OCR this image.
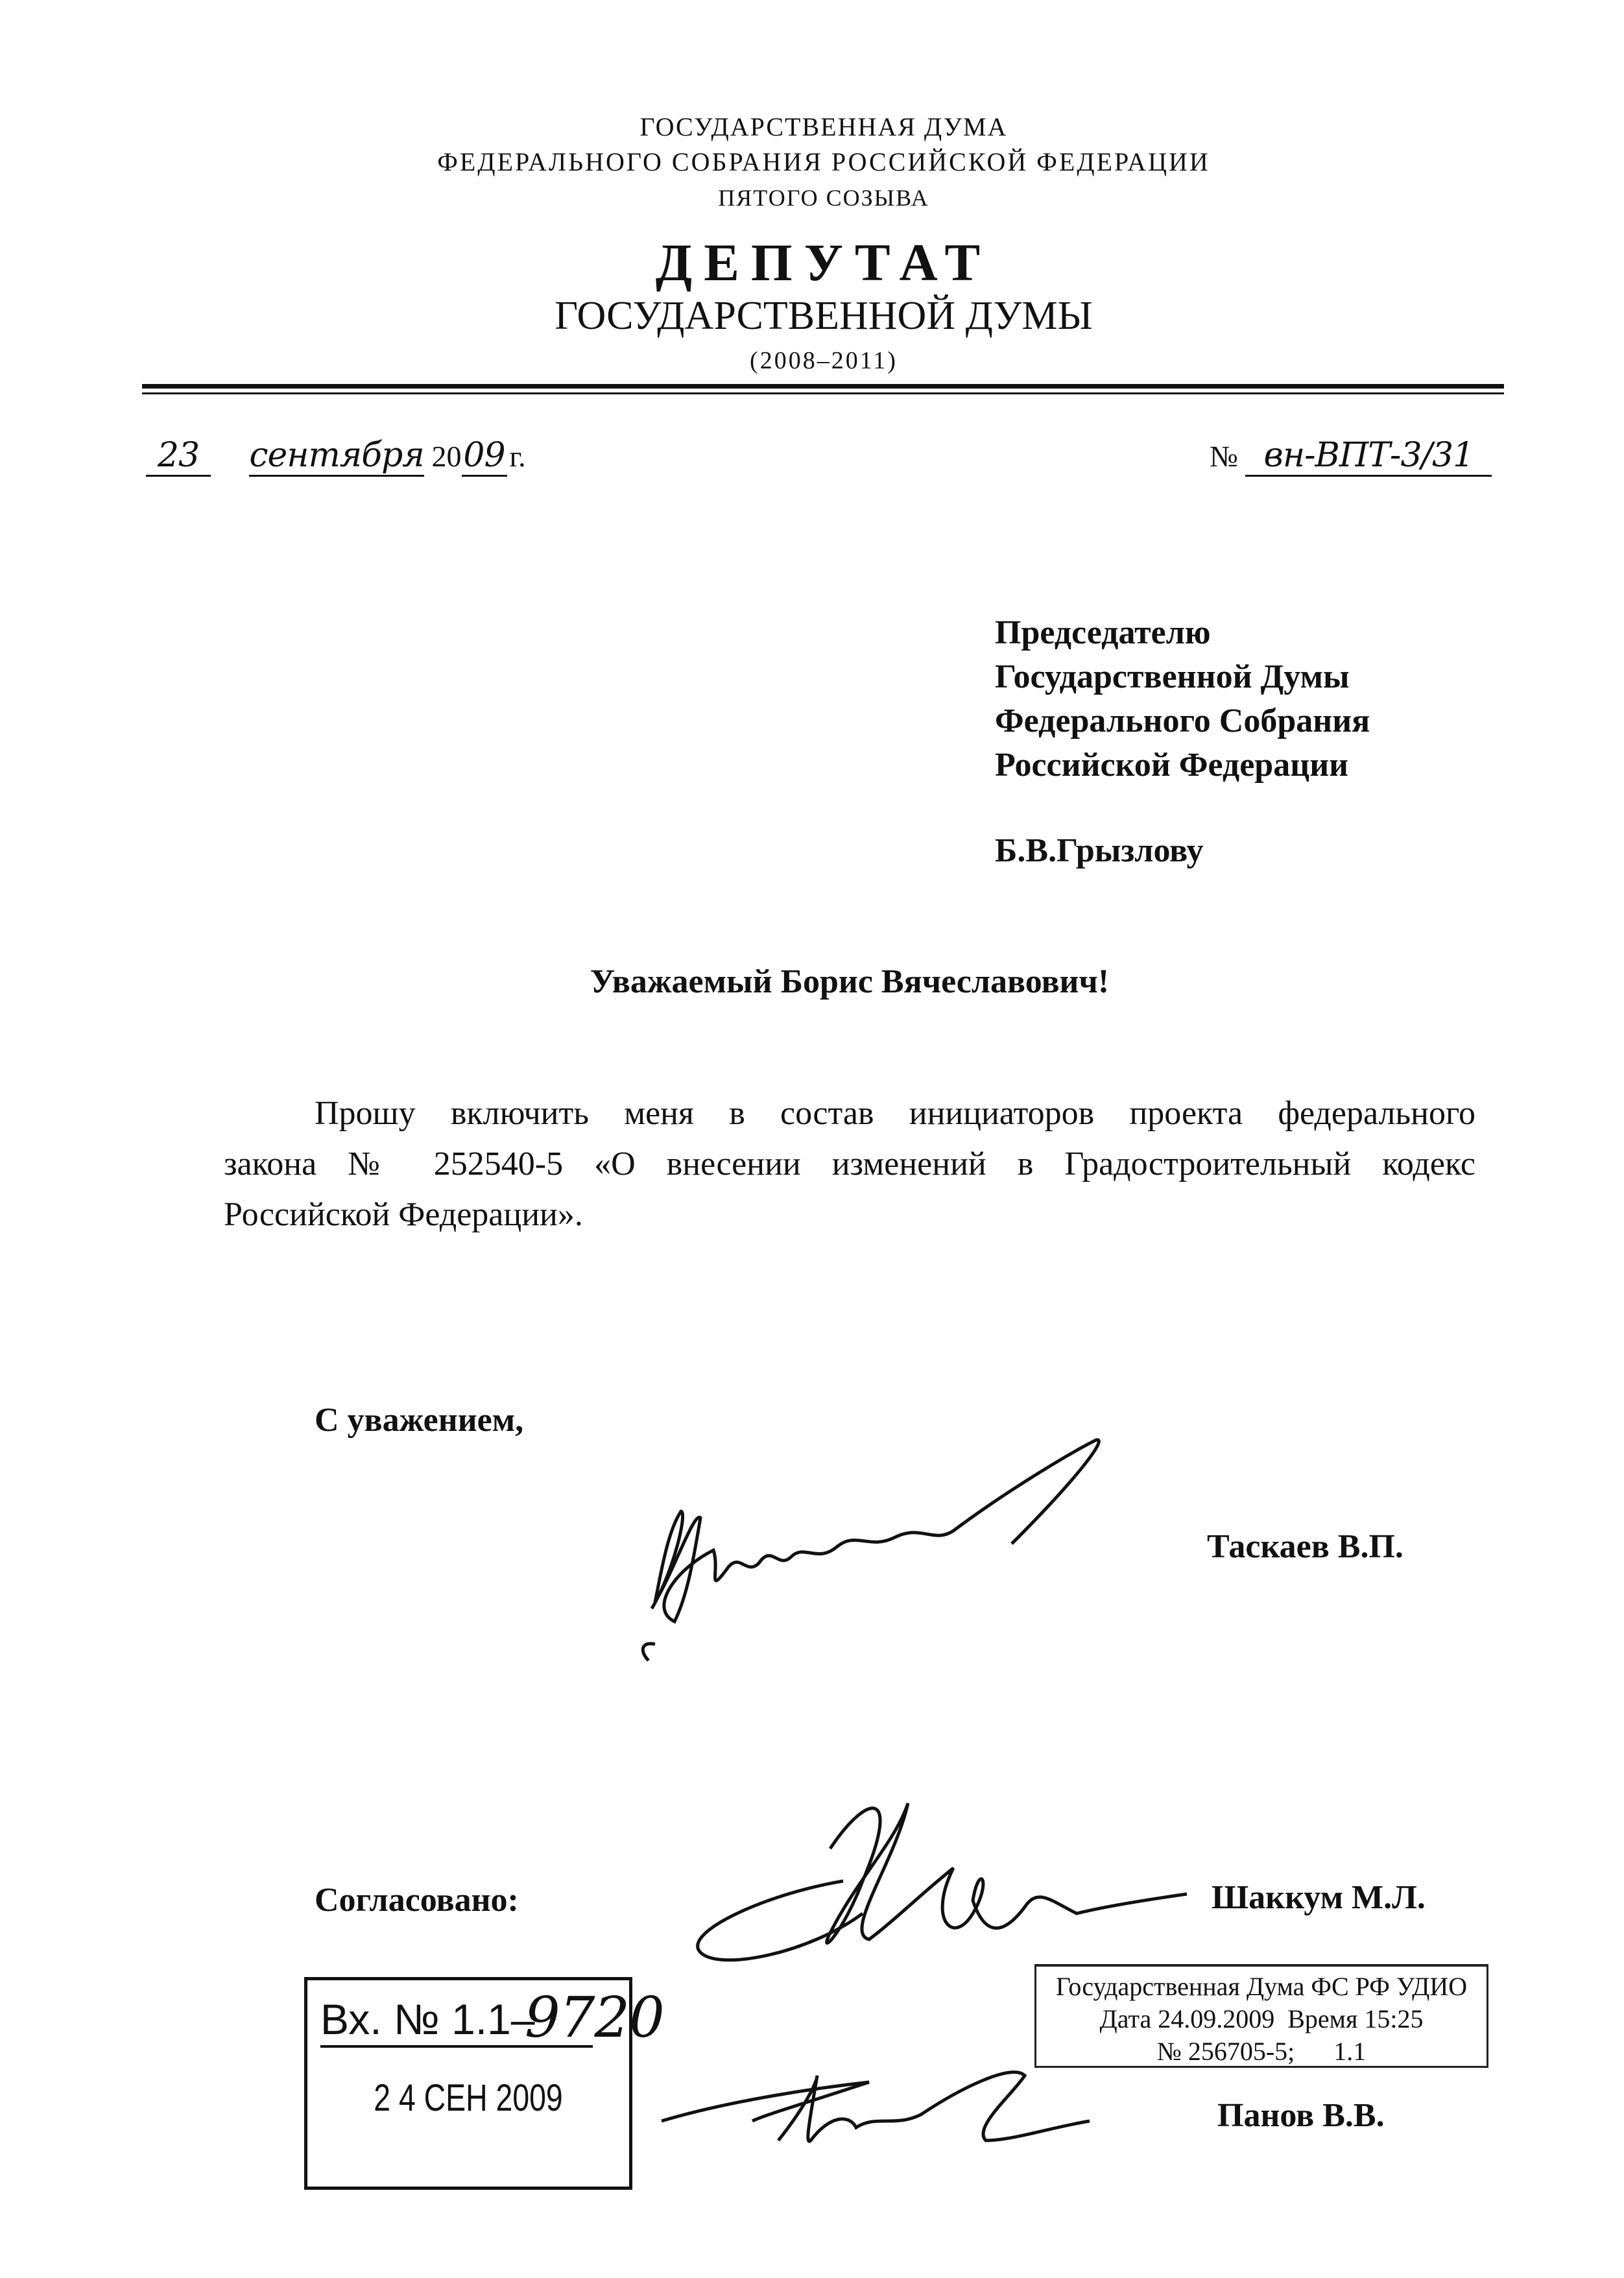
ГОСУДАРСТВЕННАЯ ДУМА
ФЕДЕРАЛЬНОГО СОБРАНИЯ РОССИЙСКОЙ ФЕДЕРАЦИИ
ПЯТОГО СОЗЫВА
ДЕПУТАТ
ГОСУДАРСТВЕННОЙ ДУМЫ
(2008–2011)
23 сентября 2009 г.	№ вн-ВПТ-3/31
Председателю
Государственной Думы
Федерального Собрания
Российской Федерации
Б.В.Грызлову
Уважаемый Борис Вячеславович!
Прошу включить меня в состав инициаторов проекта федерального
закона № 252540-5 «О внесении изменений в Градостроительный кодекс
Российской Федерации».
С уважением,
Таскаев В.П.
Согласовано:	Шаккум М.Л.
Панов В.В.
Вх. № 1.1–
9720
2 4 СЕН 2009
Государственная Дума ФС РФ УДИО
Дата 24.09.2009 Время 15:25
№ 256705-5; 1.1
